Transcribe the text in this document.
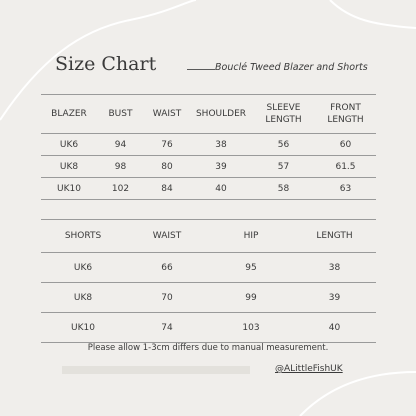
Size Chart	Bouclé Tweed Blazer and Shorts
BLAZER	BUST	WAIST	SHOULDER	SLEEVE LENGTH	FRONT LENGTH
UK6	94	76	38	56	60
UK8	98	80	39	57	61.5
UK10	102	84	40	58	63
SHORTS	WAIST	HIP	LENGTH
UK6	66	95	38
UK8	70	99	39
UK10	74	103	40
Please allow 1-3cm differs due to manual measurement.
@ALittleFishUK
